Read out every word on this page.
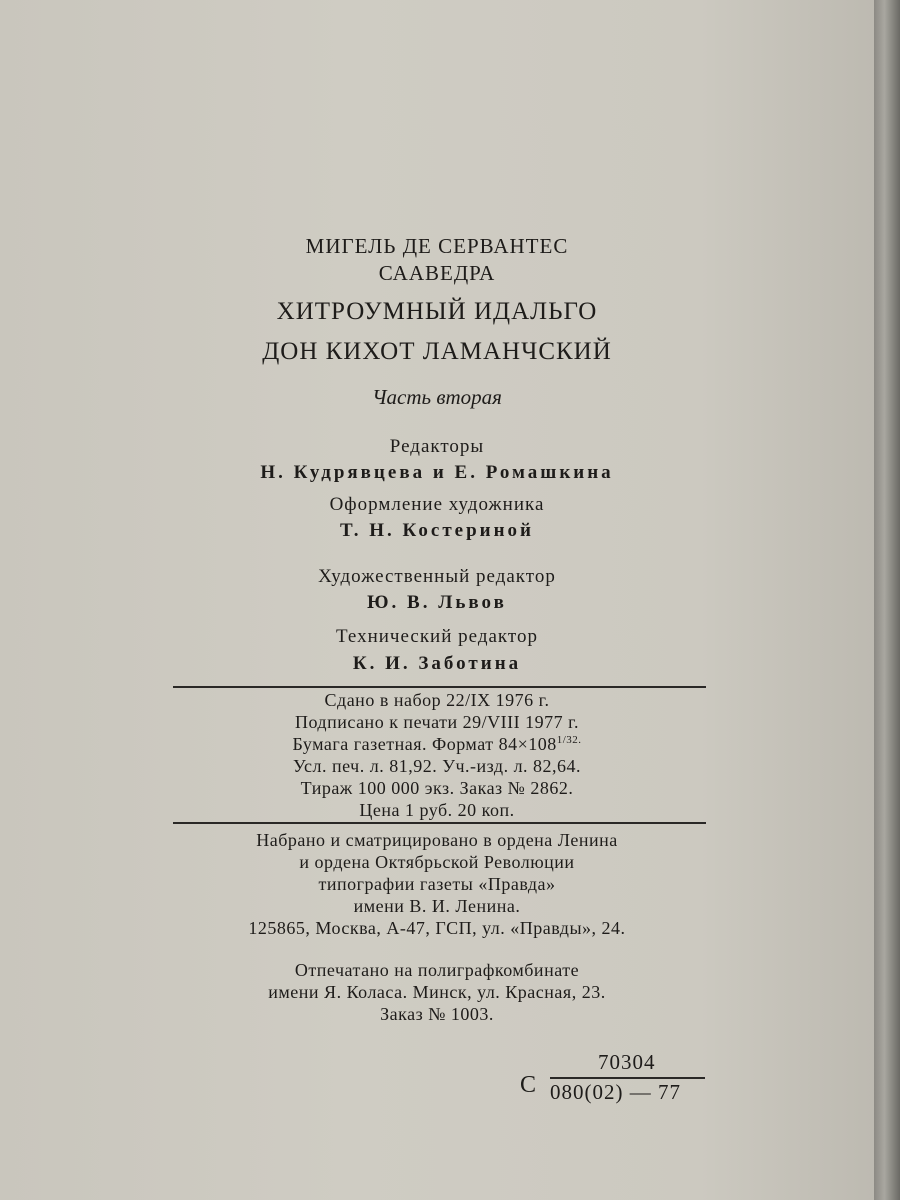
МИГЕЛЬ ДЕ СЕРВАНТЕС
СААВЕДРА
ХИТРОУМНЫЙ ИДАЛЬГО
ДОН КИХОТ ЛАМАНЧСКИЙ
Часть вторая
Редакторы
Н. Кудрявцева и Е. Ромашкина
Оформление художника
Т. Н. Костериной
Художественный редактор
Ю. В. Львов
Технический редактор
К. И. Заботина
Сдано в набор 22/IX 1976 г.
Подписано к печати 29/VIII 1977 г.
Бумага газетная. Формат $84\times 108^{1/32.}$
Усл. печ. л. 81,92. Уч.-изд. л. 82,64.
Тираж 100 000 экз. Заказ № 2862.
Цена 1 руб. 20 коп.
Набрано и сматрицировано в ордена Ленина
и ордена Октябрьской Революции
типографии газеты «Правда»
имени В. И. Ленина.
125865, Москва, А-47, ГСП, ул. «Правды», 24.
Отпечатано на полиграфкомбинате
имени Я. Коласа. Минск, ул. Красная, 23.
Заказ № 1003.
С
70304
080(02) — 77
